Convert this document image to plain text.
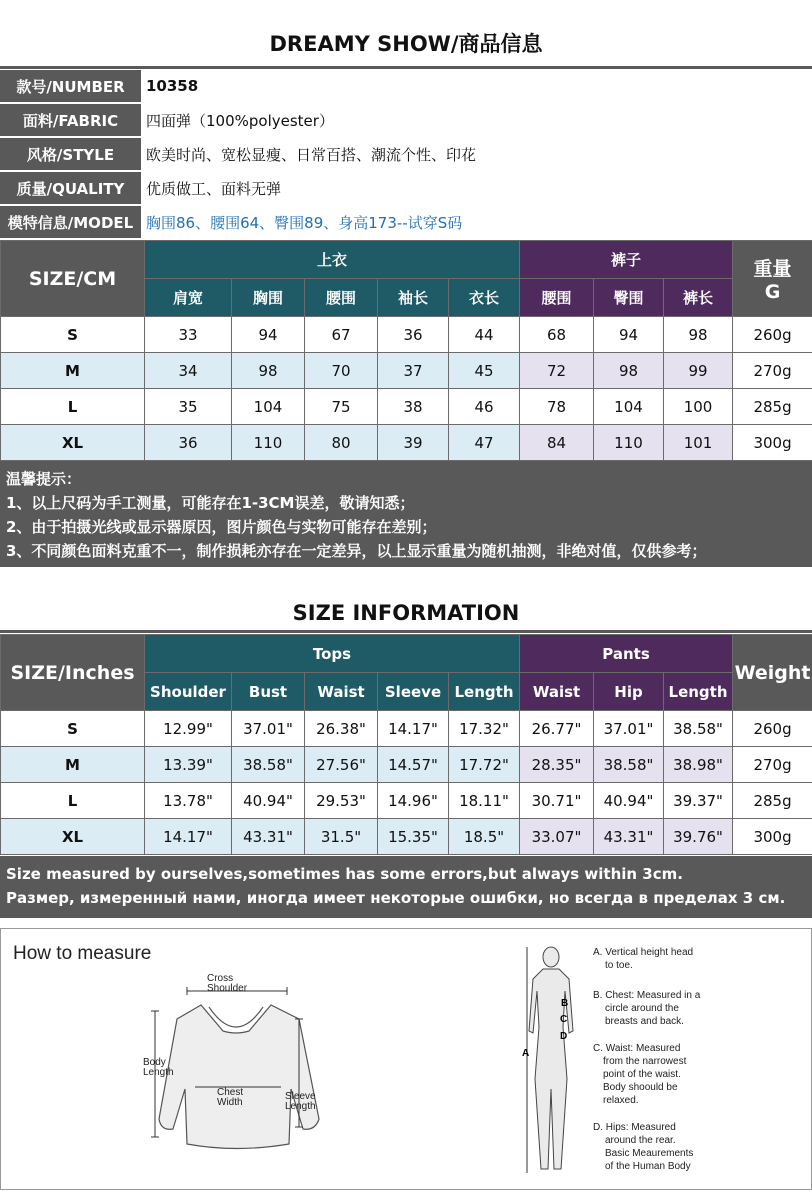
DREAMY SHOW/商品信息
款号/NUMBER	10358
面料/FABRIC	四面弹（100%polyester）
风格/STYLE	欧美时尚、宽松显瘦、日常百搭、潮流个性、印花
质量/QUALITY	优质做工、面料无弹
模特信息/MODEL 胸围86、腰围64、臀围89、身高173--试穿S码
SIZE/CM	上衣					裤子			重量
G

	肩宽	胸围	腰围	袖长	衣长	腰围	臀围	裤长	
S	33	94	67	36	44	68	94	98	260g
M	34	98	70	37	45	72	98	99	270g
L	35	104	75	38	46	78	104	100	285g
XL	36	110	80	39	47	84	110	101	300g
温馨提示：
1、以上尺码为手工测量，可能存在1-3CM误差，敬请知悉；
2、由于拍摄光线或显示器原因，图片颜色与实物可能存在差别；
3、不同颜色面料克重不一，制作损耗亦存在一定差异，以上显示重量为随机抽测，非绝对值，仅供参考；
SIZE INFORMATION
SIZE/Inches	Tops					Pants			Weight
	Shoulder	Bust	Waist	Sleeve	Length	Waist	Hip	Length	
S	12.99"	37.01"	26.38"	14.17"	17.32"	26.77"	37.01"	38.58"	260g
M	13.39"	38.58"	27.56"	14.57"	17.72"	28.35"	38.58"	38.98"	270g
L	13.78"	40.94"	29.53"	14.96"	18.11"	30.71"	40.94"	39.37"	285g
XL	14.17"	43.31"	31.5"	15.35"	18.5"	33.07"	43.31"	39.76"	300g
Size measured by ourselves,sometimes has some errors,but always within 3cm.
Размер, измеренный нами, иногда имеет некоторые ошибки, но всегда в пределах 3 см.
How to measure
Cross
Shoulder
Body
Length
Chest
Width
Sleeve
Length
A
B
C
D
A. Vertical height head
to toe.
B. Chest: Measured in a
circle around the
breasts and back.
C. Waist: Measured
from the narrowest
point of the waist.
Body shoould be
relaxed.
D. Hips: Measured
around the rear.
Basic Meaurements
of the Human Body
